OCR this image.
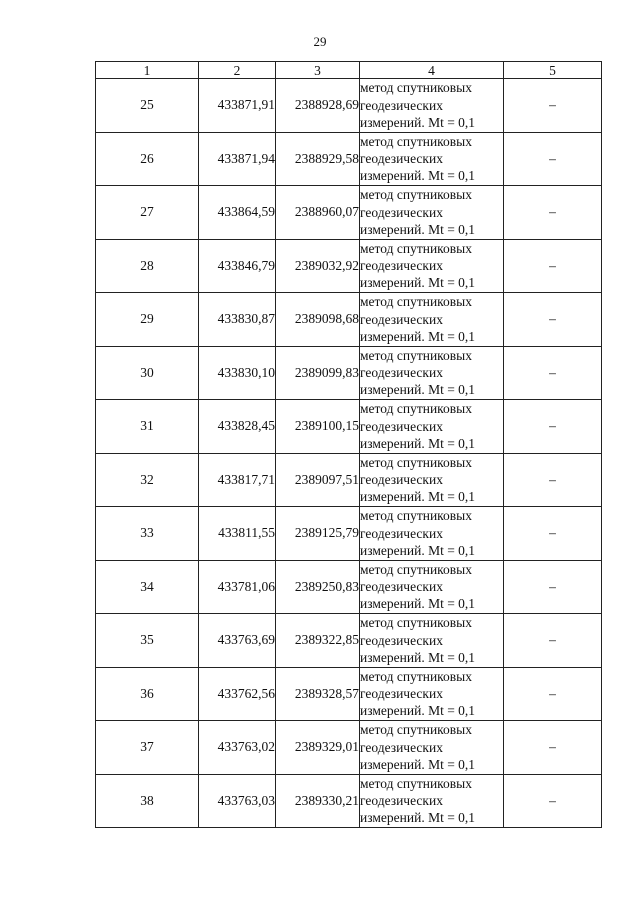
29
1	2	3	4	5
25	433871,91	2388928,69	метод спутниковых
геодезических
измерений. Mt = 0,1	–
26	433871,94	2388929,58	метод спутниковых
геодезических
измерений. Mt = 0,1	–
27	433864,59	2388960,07	метод спутниковых
геодезических
измерений. Mt = 0,1	–
28	433846,79	2389032,92	метод спутниковых
геодезических
измерений. Mt = 0,1	–
29	433830,87	2389098,68	метод спутниковых
геодезических
измерений. Mt = 0,1	–
30	433830,10	2389099,83	метод спутниковых
геодезических
измерений. Mt = 0,1	–
31	433828,45	2389100,15	метод спутниковых
геодезических
измерений. Mt = 0,1	–
32	433817,71	2389097,51	метод спутниковых
геодезических
измерений. Mt = 0,1	–
33	433811,55	2389125,79	метод спутниковых
геодезических
измерений. Mt = 0,1	–
34	433781,06	2389250,83	метод спутниковых
геодезических
измерений. Mt = 0,1	–
35	433763,69	2389322,85	метод спутниковых
геодезических
измерений. Mt = 0,1	–
36	433762,56	2389328,57	метод спутниковых
геодезических
измерений. Mt = 0,1	–
37	433763,02	2389329,01	метод спутниковых
геодезических
измерений. Mt = 0,1	–
38	433763,03	2389330,21	метод спутниковых
геодезических
измерений. Mt = 0,1	–
